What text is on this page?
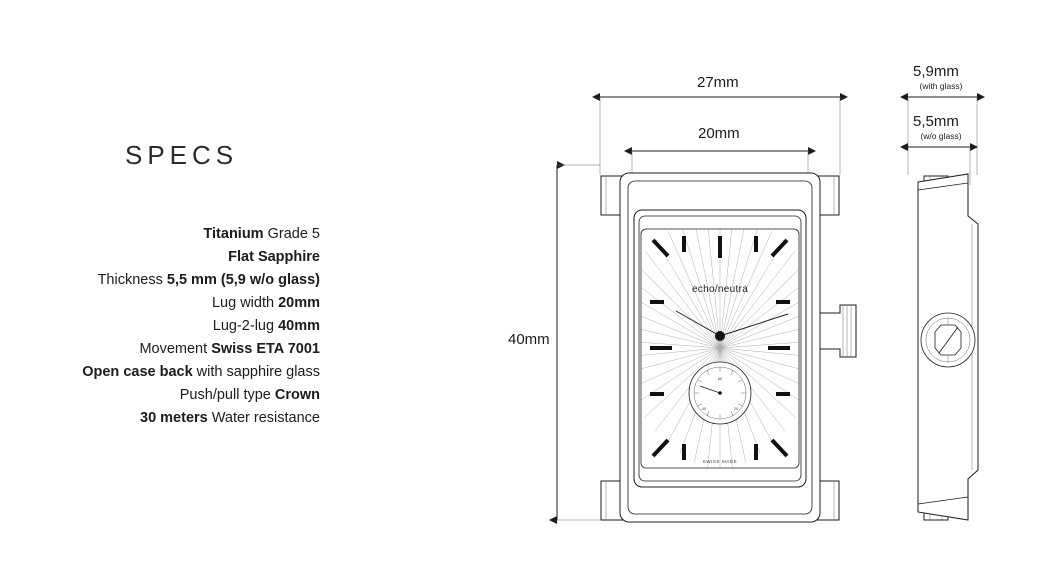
SPECS
Titanium Grade 5
Flat Sapphire
Thickness 5,5 mm (5,9 w/o glass)
Lug width 20mm
Lug-2-lug 40mm
Movement Swiss ETA 7001
Open case back with sapphire glass
Push/pull type Crown
30 meters Water resistance
27mm
20mm
40mm
5,9mm
(with glass)
5,5mm
(w/o glass)
echo/neutra
60
20
40
SWISS MADE
